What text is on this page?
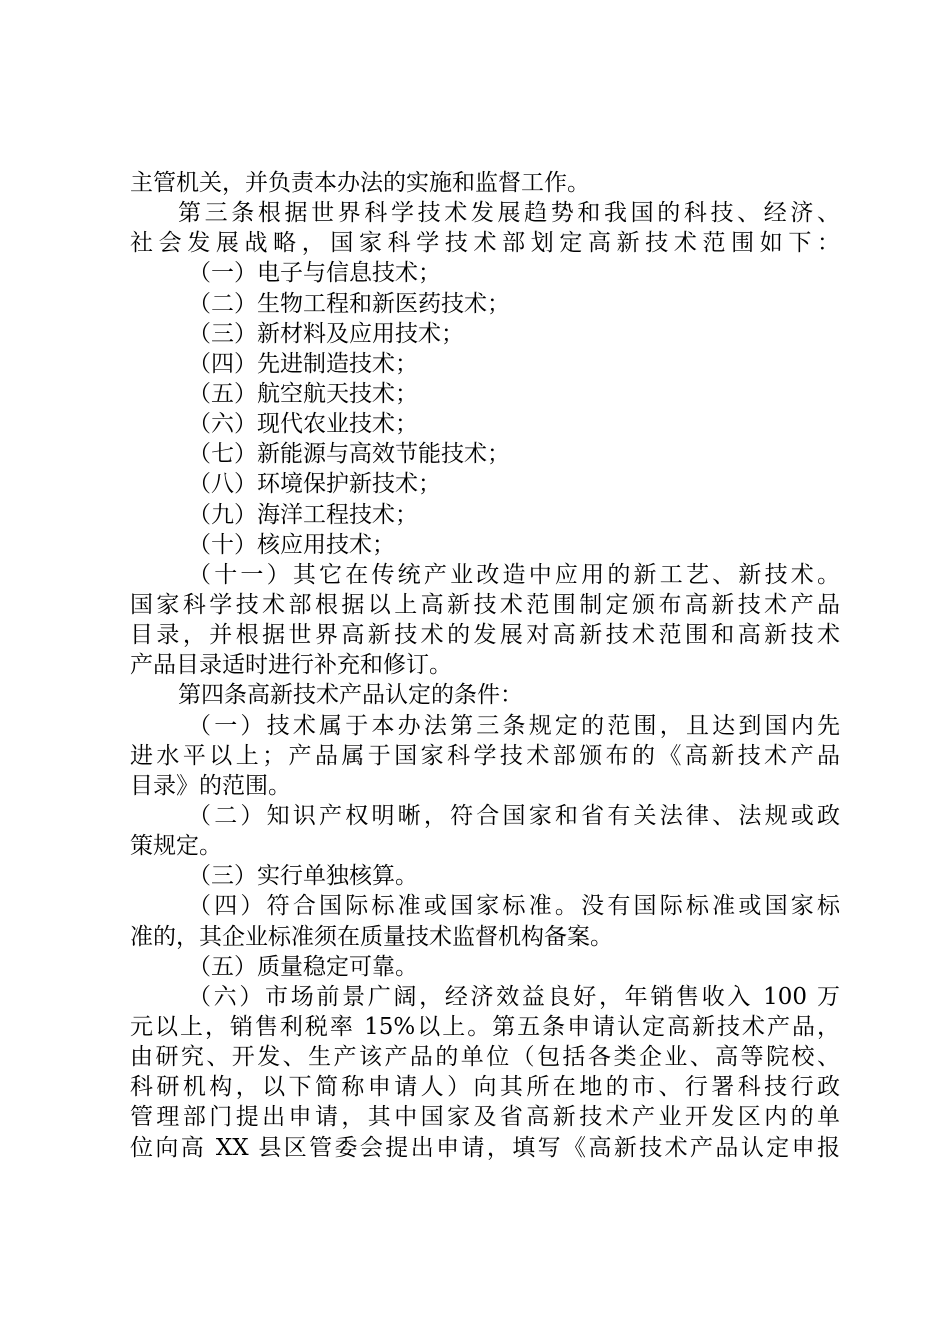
主管机关，并负责本办法的实施和监督工作。
第三条根据世界科学技术发展趋势和我国的科技、经济、
社会发展战略，国家科学技术部划定高新技术范围如下：
（一）电子与信息技术；
（二）生物工程和新医药技术；
（三）新材料及应用技术；
（四）先进制造技术；
（五）航空航天技术；
（六）现代农业技术；
（七）新能源与高效节能技术；
（八）环境保护新技术；
（九）海洋工程技术；
（十）核应用技术；
（十一）其它在传统产业改造中应用的新工艺、新技术。
国家科学技术部根据以上高新技术范围制定颁布高新技术产品
目录，并根据世界高新技术的发展对高新技术范围和高新技术
产品目录适时进行补充和修订。
第四条高新技术产品认定的条件：
（一）技术属于本办法第三条规定的范围，且达到国内先
进水平以上；产品属于国家科学技术部颁布的《高新技术产品
目录》的范围。
（二）知识产权明晰，符合国家和省有关法律、法规或政
策规定。
（三）实行单独核算。
（四）符合国际标准或国家标准。没有国际标准或国家标
准的，其企业标准须在质量技术监督机构备案。
（五）质量稳定可靠。
（六）市场前景广阔，经济效益良好，年销售收入 100 万
元以上，销售利税率 15%以上。第五条申请认定高新技术产品，
由研究、开发、生产该产品的单位（包括各类企业、高等院校、
科研机构，以下简称申请人）向其所在地的市、行署科技行政
管理部门提出申请，其中国家及省高新技术产业开发区内的单
位向高 XX 县区管委会提出申请，填写《高新技术产品认定申报
